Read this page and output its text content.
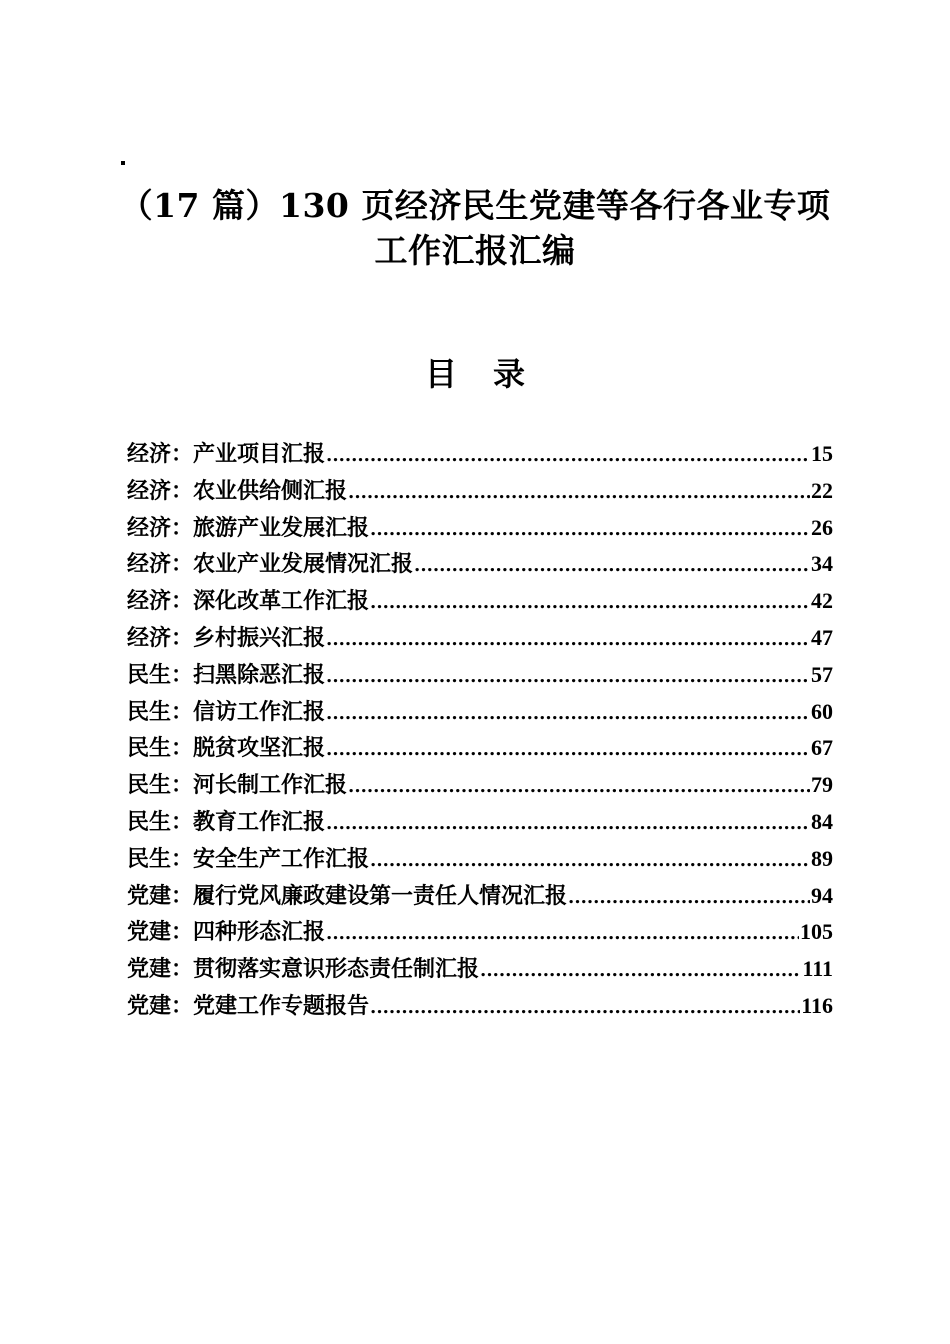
（17 篇）130 页经济民生党建等各行各业专项
工作汇报汇编
目录
经济 ： 产业项目汇报 .....	15
经济 ： 农业供给侧汇报 .....	22
经济 ： 旅游产业发展汇报 .....	26
经济 ： 农业产业发展情况汇报 .....	34
经济 ： 深化改革工作汇报 .....	42
经济 ： 乡村振兴汇报 .....	47
民生 ： 扫黑除恶汇报 .....	57
民生 ： 信访工作汇报 .....	60
民生 ： 脱贫攻坚汇报 .....	67
民生 ： 河长制工作汇报 .....	79
民生 ： 教育工作汇报 .....	84
民生 ： 安全生产工作汇报 .....	89
党建 ： 履行党风廉政建设第一责任人情况汇报 .....	94
党建 ： 四种形态汇报 .....	105
党建 ： 贯彻落实意识形态责任制汇报 .....	111
党建 ： 党建工作专题报告 .....	116
